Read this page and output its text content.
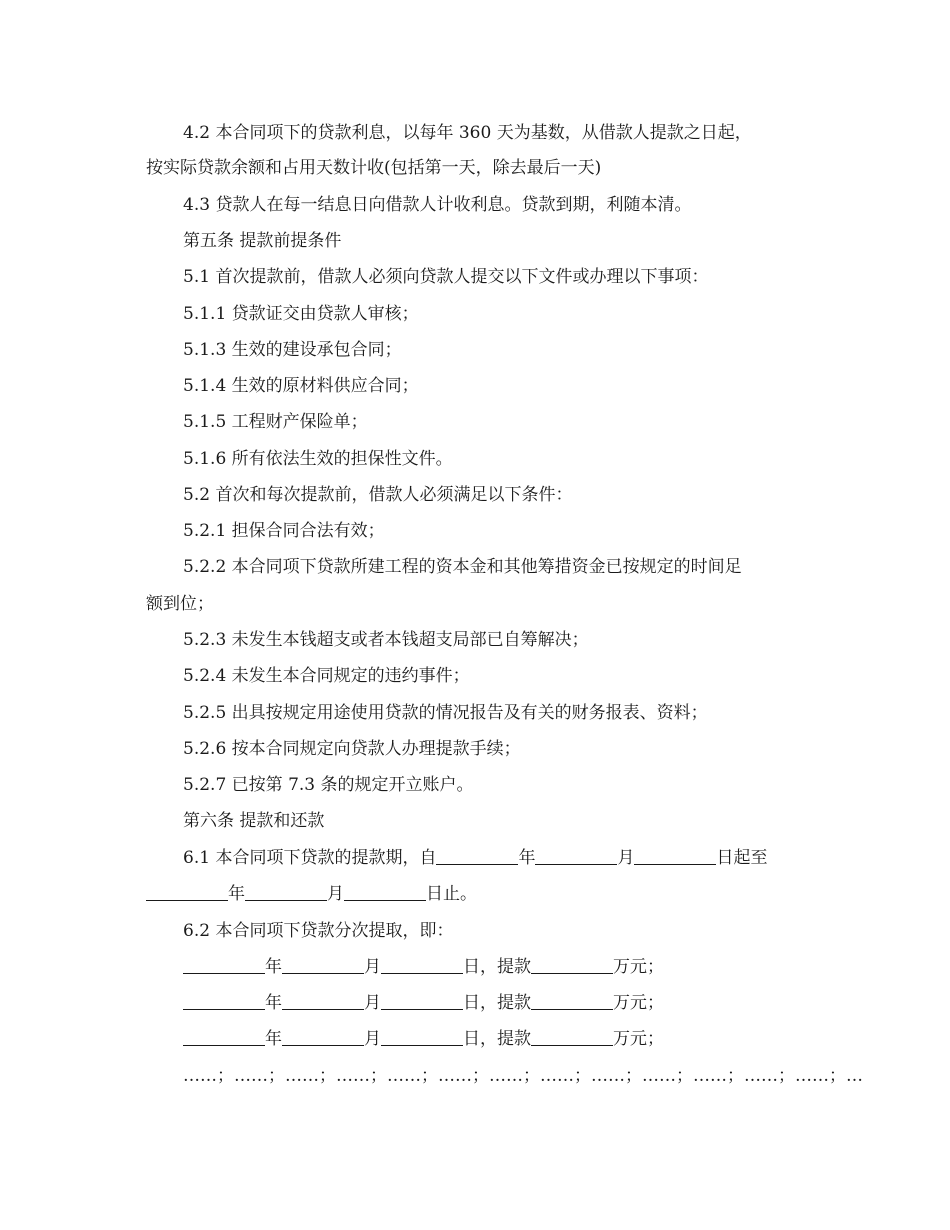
4.2 本合同项下的贷款利息，以每年 360 天为基数，从借款人提款之日起，
按实际贷款余额和占用天数计收(包括第一天，除去最后一天)
4.3 贷款人在每一结息日向借款人计收利息。贷款到期，利随本清。
第五条 提款前提条件
5.1 首次提款前，借款人必须向贷款人提交以下文件或办理以下事项：
5.1.1 贷款证交由贷款人审核；
5.1.3 生效的建设承包合同；
5.1.4 生效的原材料供应合同；
5.1.5 工程财产保险单；
5.1.6 所有依法生效的担保性文件。
5.2 首次和每次提款前，借款人必须满足以下条件：
5.2.1 担保合同合法有效；
5.2.2 本合同项下贷款所建工程的资本金和其他筹措资金已按规定的时间足
额到位；
5.2.3 未发生本钱超支或者本钱超支局部已自筹解决；
5.2.4 未发生本合同规定的违约事件；
5.2.5 出具按规定用途使用贷款的情况报告及有关的财务报表、资料；
5.2.6 按本合同规定向贷款人办理提款手续；
5.2.7 已按第 7.3 条的规定开立账户。
第六条 提款和还款
6.1 本合同项下贷款的提款期，自	年	月	日起至
年	月	日止。
6.2 本合同项下贷款分次提取，即：
年	月	日，提款	万元；
年	月	日，提款	万元；
年	月	日，提款	万元；
……；……；……；……；……；……；……；……；……；……；……；……；……；…
